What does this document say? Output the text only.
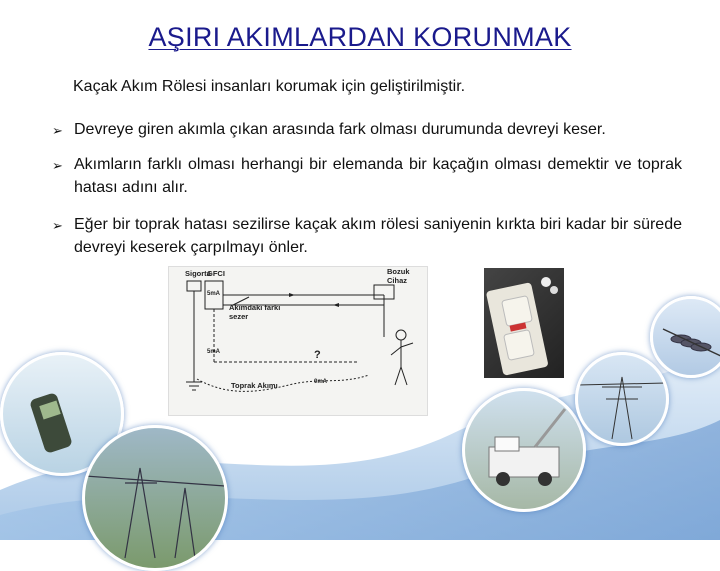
AŞIRI AKIMLARDAN KORUNMAK
Kaçak Akım Rölesi insanları korumak için geliştirilmiştir.
➢ Devreye giren akımla çıkan arasında fark olması durumunda devreyi keser.
➢ Akımların farklı olması herhangi bir elemanda bir kaçağın olması demektir ve toprak hatası adını alır.
➢ Eğer bir toprak hatası sezilirse kaçak akım rölesi saniyenin kırkta biri kadar bir sürede devreyi keserek çarpılmayı önler.
Sigorta
GFCI	Bozuk
Cihaz
Akımdaki farkı
sezer
Toprak Akımı
5mA
5mA
0mA
?
